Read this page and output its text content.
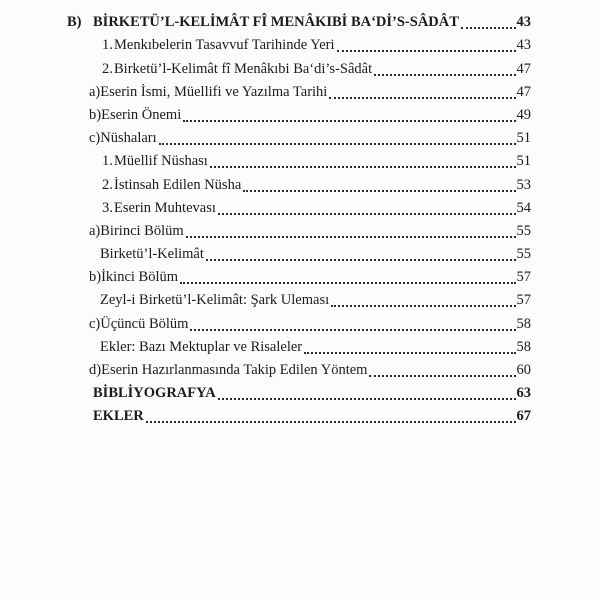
B) BİRKETÜ’L-KELİMÂT FÎ MENÂKIBİ BA‘Dİ’S-SÂDÂT	43
1. Menkıbelerin Tasavvuf Tarihinde Yeri	43
2. Birketü’l-Kelimât fî Menâkıbi Ba‘di’s-Sâdât	47
a) Eserin İsmi, Müellifi ve Yazılma Tarihi	47
b) Eserin Önemi	49
c) Nüshaları	51
1. Müellif Nüshası	51
2. İstinsah Edilen Nüsha	53
3. Eserin Muhtevası	54
a) Birinci Bölüm	55
Birketü’l-Kelimât	55
b) İkinci Bölüm	57
Zeyl-i Birketü’l-Kelimât: Şark Uleması	57
c) Üçüncü Bölüm	58
Ekler: Bazı Mektuplar ve Risaleler	58
d) Eserin Hazırlanmasında Takip Edilen Yöntem	60
BİBLİYOGRAFYA	63
EKLER	67
